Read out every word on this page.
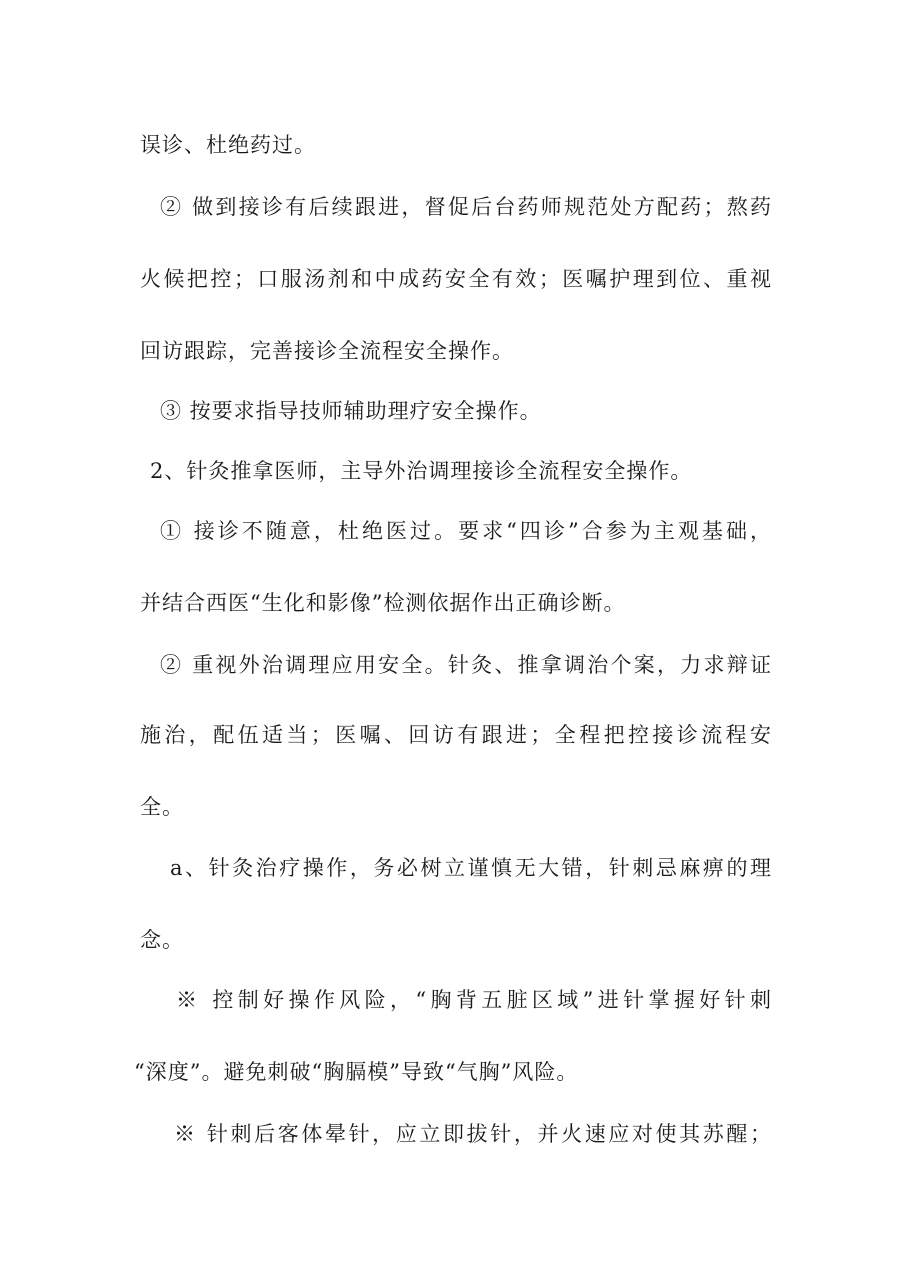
误诊、杜绝药过。
② 做到接诊有后续跟进，督促后台药师规范处方配药；熬药
火候把控；口服汤剂和中成药安全有效；医嘱护理到位、重视
回访跟踪，完善接诊全流程安全操作。
③ 按要求指导技师辅助理疗安全操作。
2、针灸推拿医师，主导外治调理接诊全流程安全操作。
① 接诊不随意，杜绝医过。要求“四诊”合参为主观基础，
并结合西医“生化和影像”检测依据作出正确诊断。
② 重视外治调理应用安全。针灸、推拿调治个案，力求辩证
施治，配伍适当；医嘱、回访有跟进；全程把控接诊流程安
全。
a、针灸治疗操作，务必树立谨慎无大错，针刺忌麻痹的理
念。
※ 控制好操作风险，“胸背五脏区域”进针掌握好针刺
“深度”。避免刺破“胸膈模”导致“气胸”风险。
※ 针刺后客体晕针，应立即拔针，并火速应对使其苏醒；
